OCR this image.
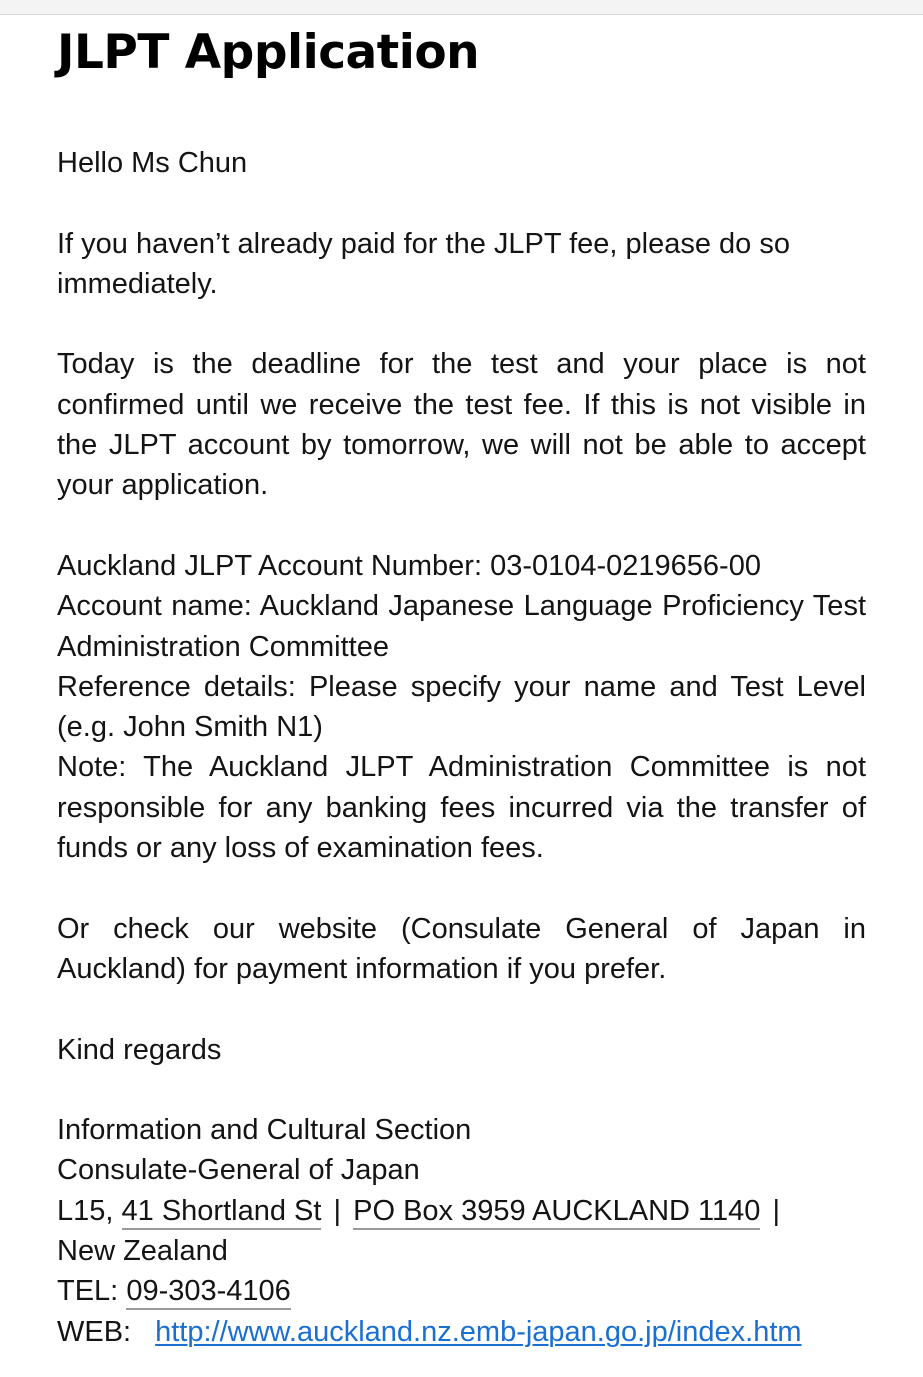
JLPT Application

Hello Ms Chun

If you haven’t already paid for the JLPT fee, please do so immediately.

Today is the deadline for the test and your place is not confirmed until we receive the test fee. If this is not visible in the JLPT account by tomorrow, we will not be able to accept your application.

Auckland JLPT Account Number: 03-0104-0219656-00
Account name: Auckland Japanese Language Proficiency Test Administration Committee
Reference details: Please specify your name and Test Level (e.g. John Smith N1)
Note: The Auckland JLPT Administration Committee is not responsible for any banking fees incurred via the transfer of funds or any loss of examination fees.

Or check our website (Consulate General of Japan in Auckland) for payment information if you prefer.

Kind regards

Information and Cultural Section
Consulate-General of Japan
L15, 41 Shortland St | PO Box 3959 AUCKLAND 1140 |
New Zealand
TEL: 09-303-4106
WEB: http://www.auckland.nz.emb-japan.go.jp/index.htm
